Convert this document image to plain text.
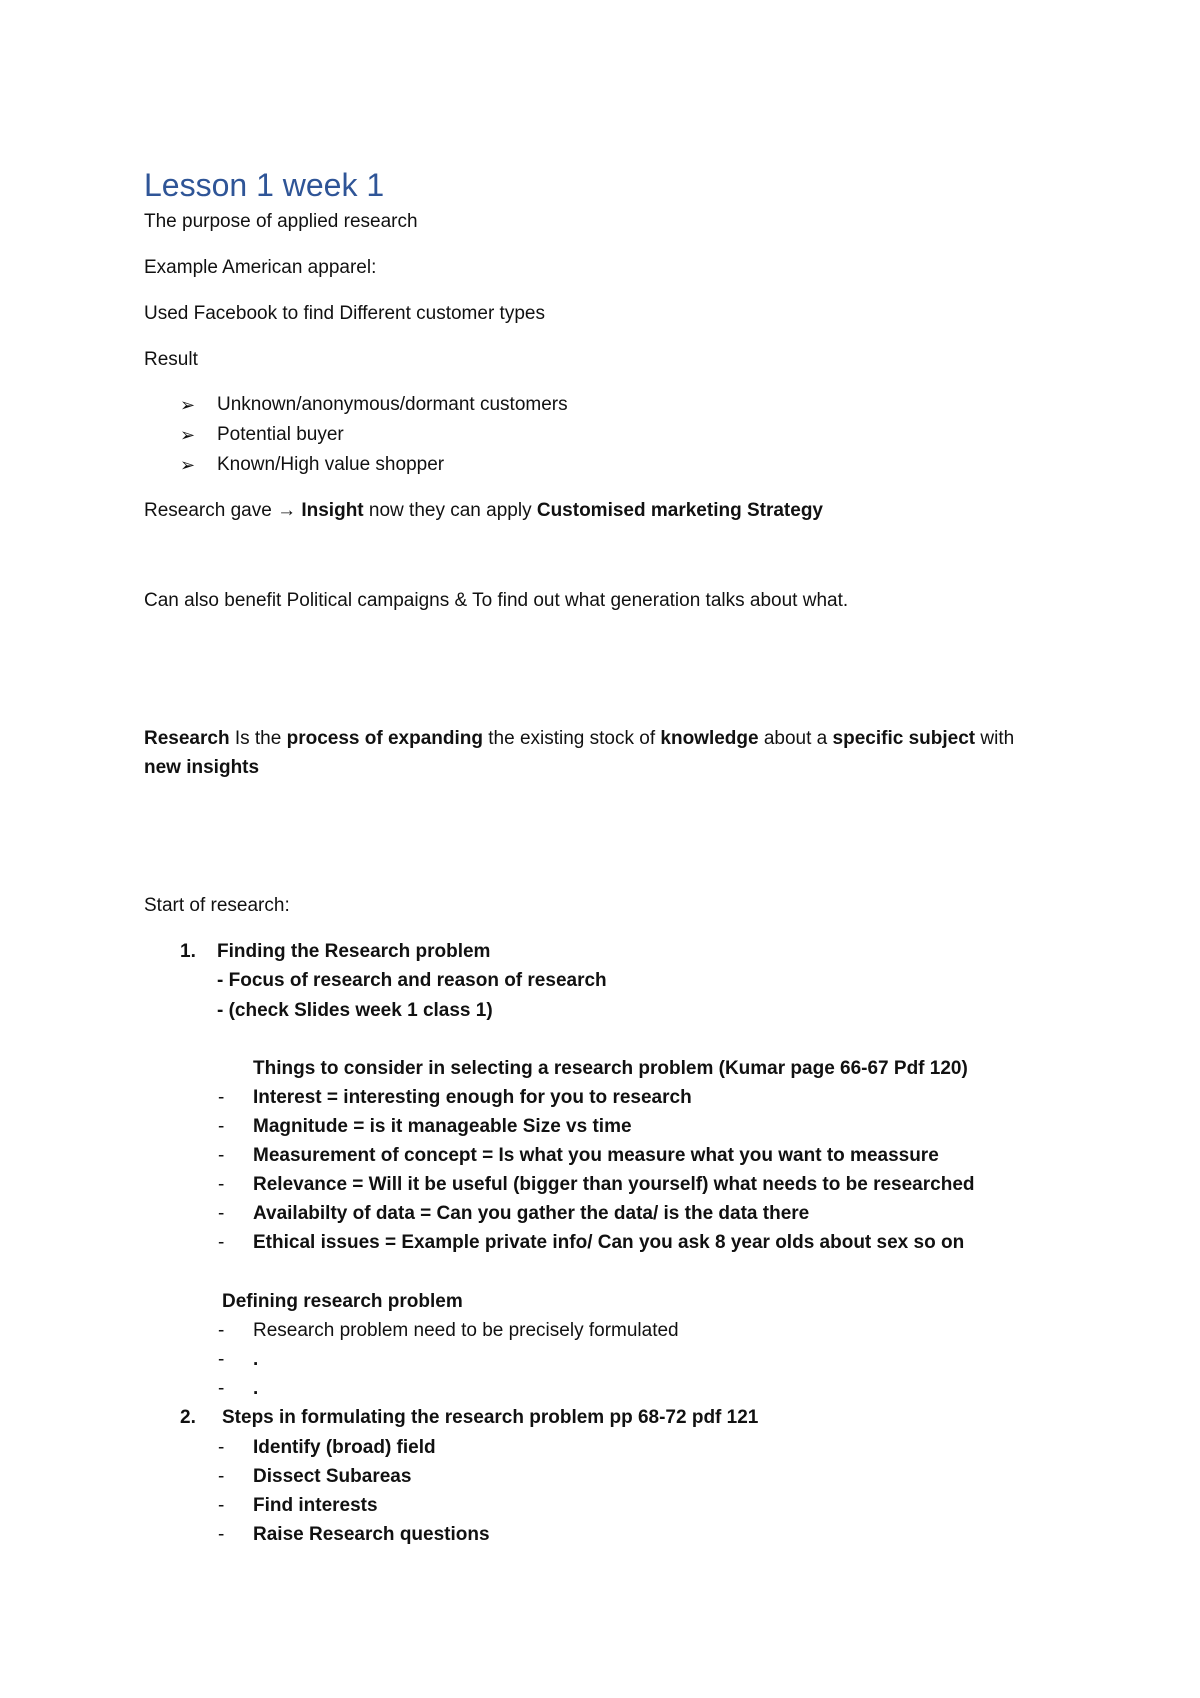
Lesson 1 week 1
The purpose of applied research
Example American apparel:
Used Facebook to find Different customer types
Result
➢ Unknown/anonymous/dormant customers
➢ Potential buyer
➢ Known/High value shopper
Research gave → Insight now they can apply Customised marketing Strategy
Can also benefit Political campaigns & To find out what generation talks about what.
Research Is the process of expanding the existing stock of knowledge about a specific subject with
new insights
Start of research:
1. Finding the Research problem
- Focus of research and reason of research
- (check Slides week 1 class 1)
Things to consider in selecting a research problem (Kumar page 66-67 Pdf 120)
- Interest = interesting enough for you to research
- Magnitude = is it manageable Size vs time
- Measurement of concept = Is what you measure what you want to meassure
- Relevance = Will it be useful (bigger than yourself) what needs to be researched
- Availabilty of data = Can you gather the data/ is the data there
- Ethical issues = Example private info/ Can you ask 8 year olds about sex so on
Defining research problem
- Research problem need to be precisely formulated
- .
- .
2. Steps in formulating the research problem pp 68-72 pdf 121
- Identify (broad) field
- Dissect Subareas
- Find interests
- Raise Research questions
